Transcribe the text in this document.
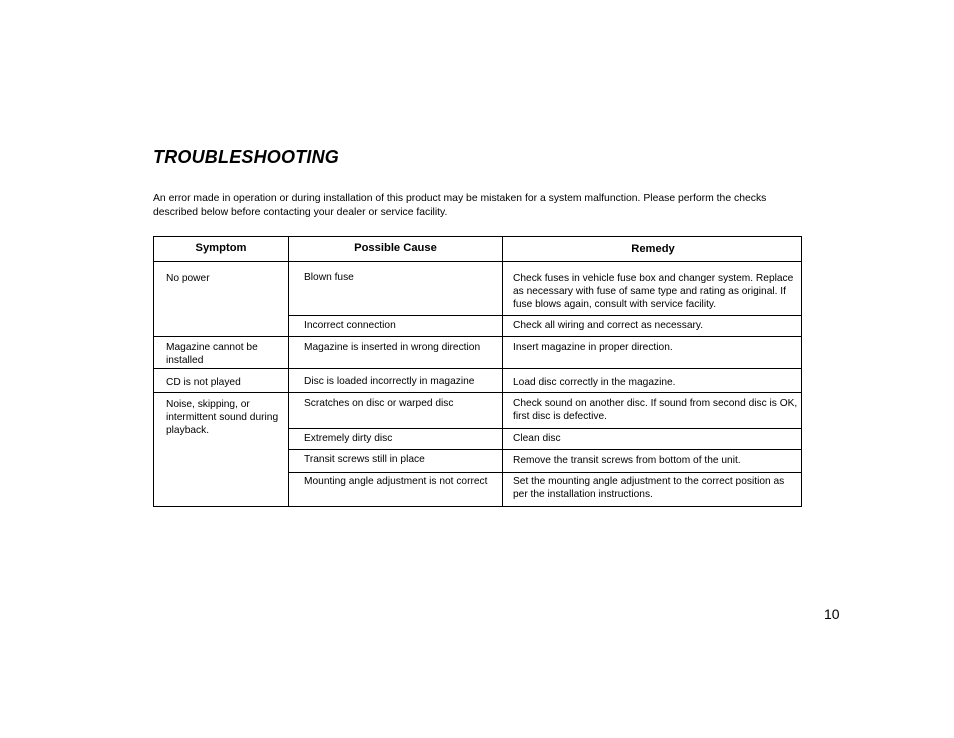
TROUBLESHOOTING

An error made in operation or during installation of this product may be mistaken for a system malfunction. Please perform the checks described below before contacting your dealer or service facility.

Symptom	Possible Cause	Remedy
No power
Magazine cannot be installed
CD is not played
Noise, skipping, or intermittent sound during playback.
Blown fuse
Incorrect connection
Magazine is inserted in wrong direction
Disc is loaded incorrectly in magazine
Scratches on disc or warped disc
Extremely dirty disc
Transit screws still in place
Mounting angle adjustment is not correct
Check fuses in vehicle fuse box and changer system. Replace as necessary with fuse of same type and rating as original. If fuse blows again, consult with service facility.
Check all wiring and correct as necessary.
Insert magazine in proper direction.
Load disc correctly in the magazine.
Check sound on another disc. If sound from second disc is OK, first disc is defective.
Clean disc
Remove the transit screws from bottom of the unit.
Set the mounting angle adjustment to the correct position as per the installation instructions.
10
